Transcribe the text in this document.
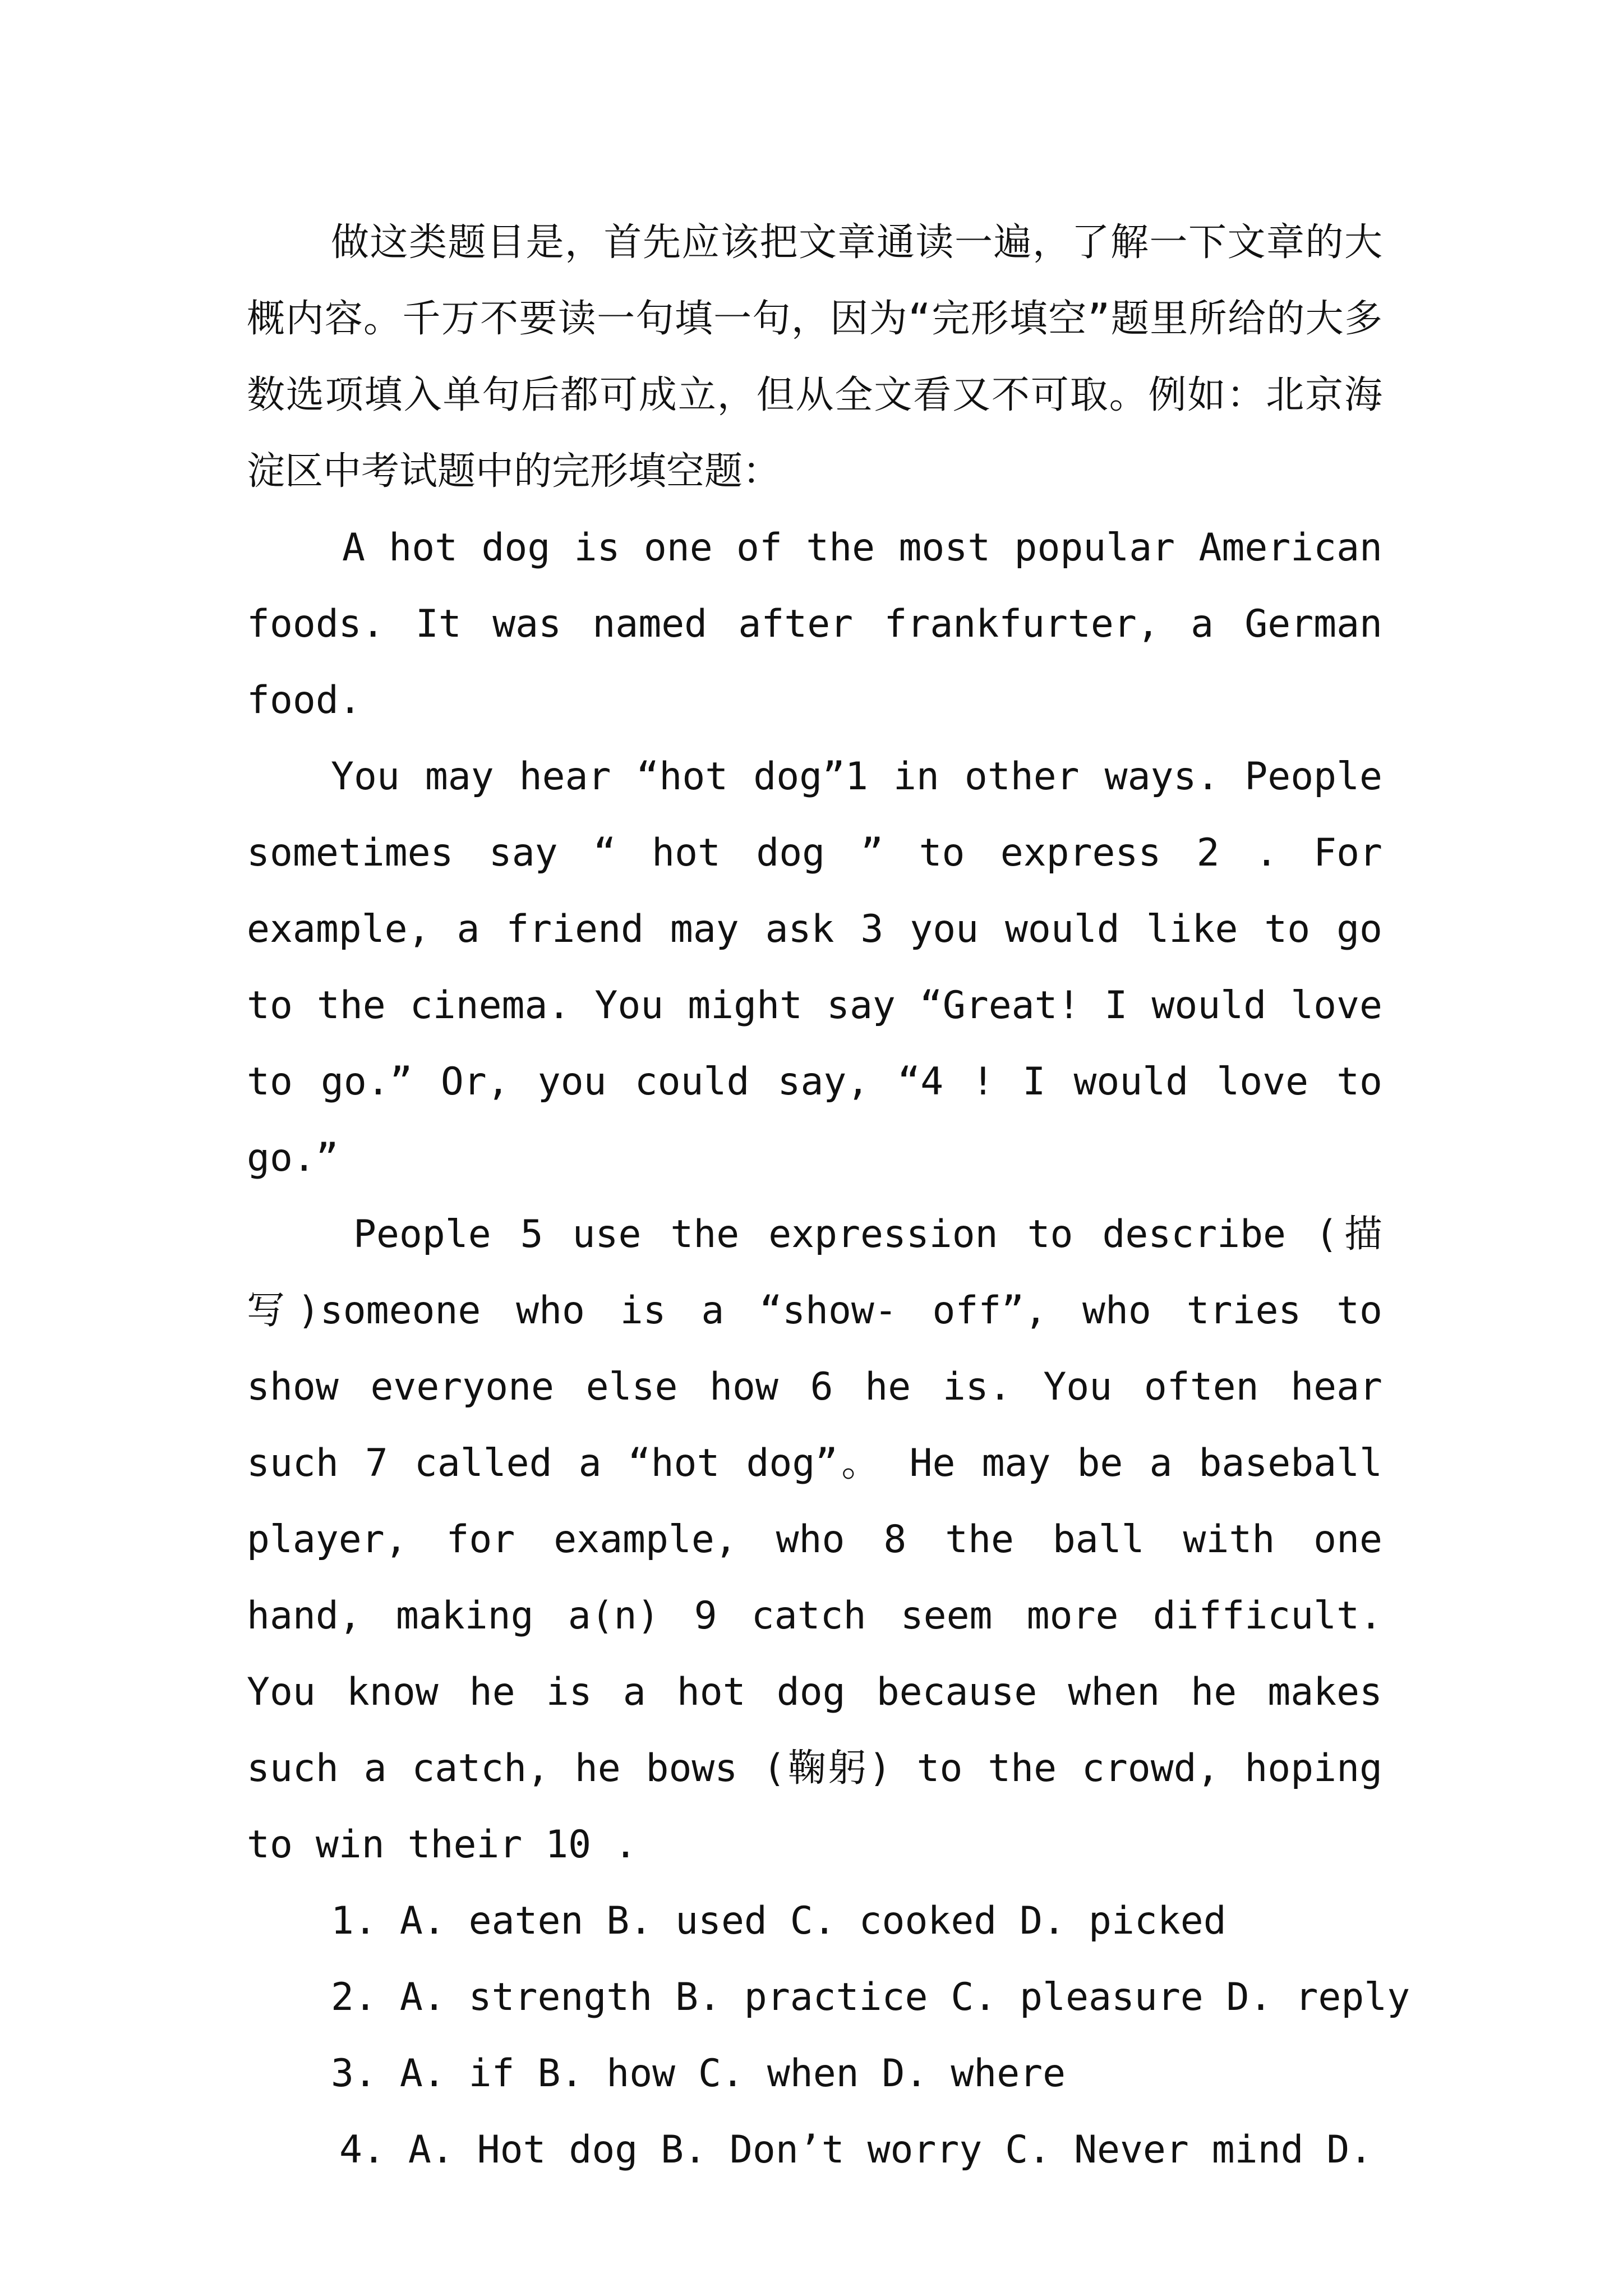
做这类题目是，首先应该把文章通读一遍，了解一下文章的大概内容。千万不要读一句填一句，因为“完形填空”题里所给的大多数选项填入单句后都可成立，但从全文看又不可取。例如：北京海淀区中考试题中的完形填空题：

A hot dog is one of the most popular American foods. It was named after frankfurter, a German food.

You may hear “hot dog”1 in other ways. People sometimes say “ hot dog ” to express 2 . For example, a friend may ask 3 you would like to go to the cinema. You might say “Great! I would love to go.” Or, you could say, “4 ! I would love to go.”

People 5 use the expression to describe (描写)someone who is a “show- off”, who tries to show everyone else how 6 he is. You often hear such 7 called a “hot dog”。 He may be a baseball player, for example, who 8 the ball with one hand, making a(n) 9 catch seem more difficult. You know he is a hot dog because when he makes such a catch, he bows (鞠躬) to the crowd, hoping to win their 10 .

1. A. eaten B. used C. cooked D. picked

2. A. strength B. practice C. pleasure D. reply

3. A. if B. how C. when D. where

4. A. Hot dog B. Don’t worry C. Never mind D.
